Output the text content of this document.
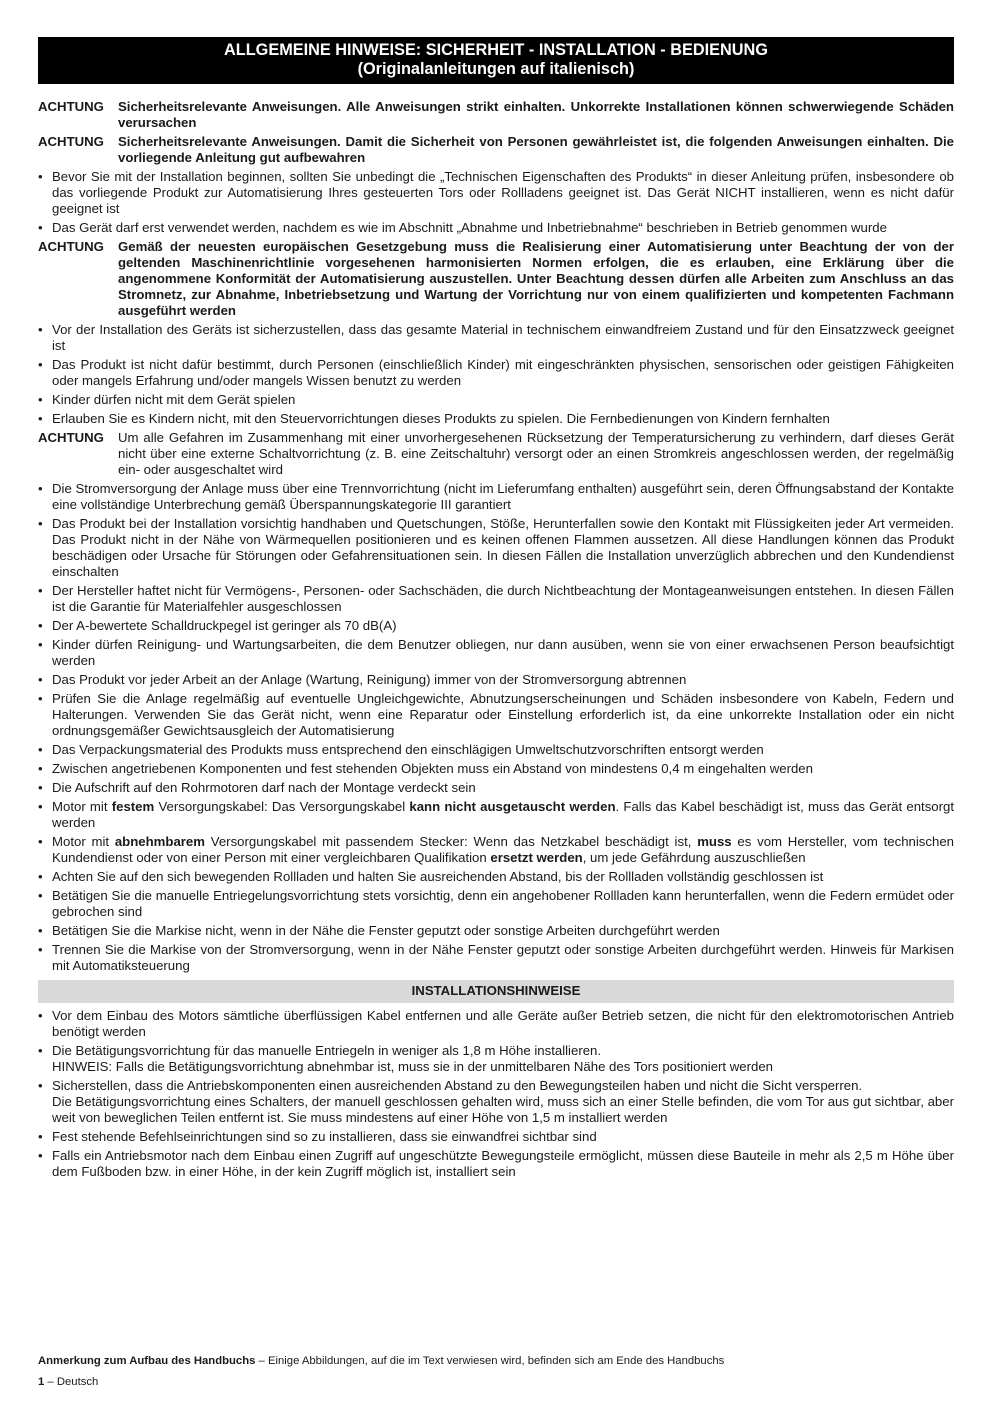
ALLGEMEINE HINWEISE: SICHERHEIT - INSTALLATION - BEDIENUNG
(Originalanleitungen auf italienisch)
ACHTUNG	Sicherheitsrelevante Anweisungen. Alle Anweisungen strikt einhalten. Unkorrekte Installationen können schwerwiegende Schäden verursachen
ACHTUNG	Sicherheitsrelevante Anweisungen. Damit die Sicherheit von Personen gewährleistet ist, die folgenden Anweisungen einhalten. Die vorliegende Anleitung gut aufbewahren
• Bevor Sie mit der Installation beginnen, sollten Sie unbedingt die „Technischen Eigenschaften des Produkts“ in dieser Anleitung prüfen, insbesondere ob das vorliegende Produkt zur Automatisierung Ihres gesteuerten Tors oder Rollladens geeignet ist. Das Gerät NICHT installieren, wenn es nicht dafür geeignet ist
• Das Gerät darf erst verwendet werden, nachdem es wie im Abschnitt „Abnahme und Inbetriebnahme“ beschrieben in Betrieb genommen wurde
ACHTUNG	Gemäß der neuesten europäischen Gesetzgebung muss die Realisierung einer Automatisierung unter Beachtung der von der geltenden Maschinenrichtlinie vorgesehenen harmonisierten Normen erfolgen, die es erlauben, eine Erklärung über die angenommene Konformität der Automatisierung auszustellen. Unter Beachtung dessen dürfen alle Arbeiten zum Anschluss an das Stromnetz, zur Abnahme, Inbetriebsetzung und Wartung der Vorrichtung nur von einem qualifizierten und kompetenten Fachmann ausgeführt werden
• Vor der Installation des Geräts ist sicherzustellen, dass das gesamte Material in technischem einwandfreiem Zustand und für den Einsatzzweck geeignet ist
• Das Produkt ist nicht dafür bestimmt, durch Personen (einschließlich Kinder) mit eingeschränkten physischen, sensorischen oder geistigen Fähigkeiten oder mangels Erfahrung und/oder mangels Wissen benutzt zu werden
• Kinder dürfen nicht mit dem Gerät spielen
• Erlauben Sie es Kindern nicht, mit den Steuervorrichtungen dieses Produkts zu spielen. Die Fernbedienungen von Kindern fernhalten
ACHTUNG	Um alle Gefahren im Zusammenhang mit einer unvorhergesehenen Rücksetzung der Temperatursicherung zu verhindern, darf dieses Gerät nicht über eine externe Schaltvorrichtung (z. B. eine Zeitschaltuhr) versorgt oder an einen Stromkreis angeschlossen werden, der regelmäßig ein- oder ausgeschaltet wird
• Die Stromversorgung der Anlage muss über eine Trennvorrichtung (nicht im Lieferumfang enthalten) ausgeführt sein, deren Öffnungsabstand der Kontakte eine vollständige Unterbrechung gemäß Überspannungskategorie III garantiert
• Das Produkt bei der Installation vorsichtig handhaben und Quetschungen, Stöße, Herunterfallen sowie den Kontakt mit Flüssigkeiten jeder Art vermeiden. Das Produkt nicht in der Nähe von Wärmequellen positionieren und es keinen offenen Flammen aussetzen. All diese Handlungen können das Produkt beschädigen oder Ursache für Störungen oder Gefahrensituationen sein. In diesen Fällen die Installation unverzüglich abbrechen und den Kundendienst einschalten
• Der Hersteller haftet nicht für Vermögens-, Personen- oder Sachschäden, die durch Nichtbeachtung der Montageanweisungen entstehen. In diesen Fällen ist die Garantie für Materialfehler ausgeschlossen
• Der A-bewertete Schalldruckpegel ist geringer als 70 dB(A)
• Kinder dürfen Reinigung- und Wartungsarbeiten, die dem Benutzer obliegen, nur dann ausüben, wenn sie von einer erwachsenen Person beaufsichtigt werden
• Das Produkt vor jeder Arbeit an der Anlage (Wartung, Reinigung) immer von der Stromversorgung abtrennen
• Prüfen Sie die Anlage regelmäßig auf eventuelle Ungleichgewichte, Abnutzungserscheinungen und Schäden insbesondere von Kabeln, Federn und Halterungen. Verwenden Sie das Gerät nicht, wenn eine Reparatur oder Einstellung erforderlich ist, da eine unkorrekte Installation oder ein nicht ordnungsgemäßer Gewichtsausgleich der Automatisierung
• Das Verpackungsmaterial des Produkts muss entsprechend den einschlägigen Umweltschutzvorschriften entsorgt werden
• Zwischen angetriebenen Komponenten und fest stehenden Objekten muss ein Abstand von mindestens 0,4 m eingehalten werden
• Die Aufschrift auf den Rohrmotoren darf nach der Montage verdeckt sein
• Motor mit festem Versorgungskabel: Das Versorgungskabel kann nicht ausgetauscht werden. Falls das Kabel beschädigt ist, muss das Gerät entsorgt werden
• Motor mit abnehmbarem Versorgungskabel mit passendem Stecker: Wenn das Netzkabel beschädigt ist, muss es vom Hersteller, vom technischen Kundendienst oder von einer Person mit einer vergleichbaren Qualifikation ersetzt werden, um jede Gefährdung auszuschließen
• Achten Sie auf den sich bewegenden Rollladen und halten Sie ausreichenden Abstand, bis der Rollladen vollständig geschlossen ist
• Betätigen Sie die manuelle Entriegelungsvorrichtung stets vorsichtig, denn ein angehobener Rollladen kann herunterfallen, wenn die Federn ermüdet oder gebrochen sind
• Betätigen Sie die Markise nicht, wenn in der Nähe die Fenster geputzt oder sonstige Arbeiten durchgeführt werden
• Trennen Sie die Markise von der Stromversorgung, wenn in der Nähe Fenster geputzt oder sonstige Arbeiten durchgeführt werden. Hinweis für Markisen mit Automatiksteuerung
INSTALLATIONSHINWEISE
• Vor dem Einbau des Motors sämtliche überflüssigen Kabel entfernen und alle Geräte außer Betrieb setzen, die nicht für den elektromotorischen Antrieb benötigt werden
• Die Betätigungsvorrichtung für das manuelle Entriegeln in weniger als 1,8 m Höhe installieren.
HINWEIS: Falls die Betätigungsvorrichtung abnehmbar ist, muss sie in der unmittelbaren Nähe des Tors positioniert werden
• Sicherstellen, dass die Antriebskomponenten einen ausreichenden Abstand zu den Bewegungsteilen haben und nicht die Sicht versperren.
Die Betätigungsvorrichtung eines Schalters, der manuell geschlossen gehalten wird, muss sich an einer Stelle befinden, die vom Tor aus gut sichtbar, aber weit von beweglichen Teilen entfernt ist. Sie muss mindestens auf einer Höhe von 1,5 m installiert werden
• Fest stehende Befehlseinrichtungen sind so zu installieren, dass sie einwandfrei sichtbar sind
• Falls ein Antriebsmotor nach dem Einbau einen Zugriff auf ungeschützte Bewegungsteile ermöglicht, müssen diese Bauteile in mehr als 2,5 m Höhe über dem Fußboden bzw. in einer Höhe, in der kein Zugriff möglich ist, installiert sein
Anmerkung zum Aufbau des Handbuchs – Einige Abbildungen, auf die im Text verwiesen wird, befinden sich am Ende des Handbuchs
1 – Deutsch
